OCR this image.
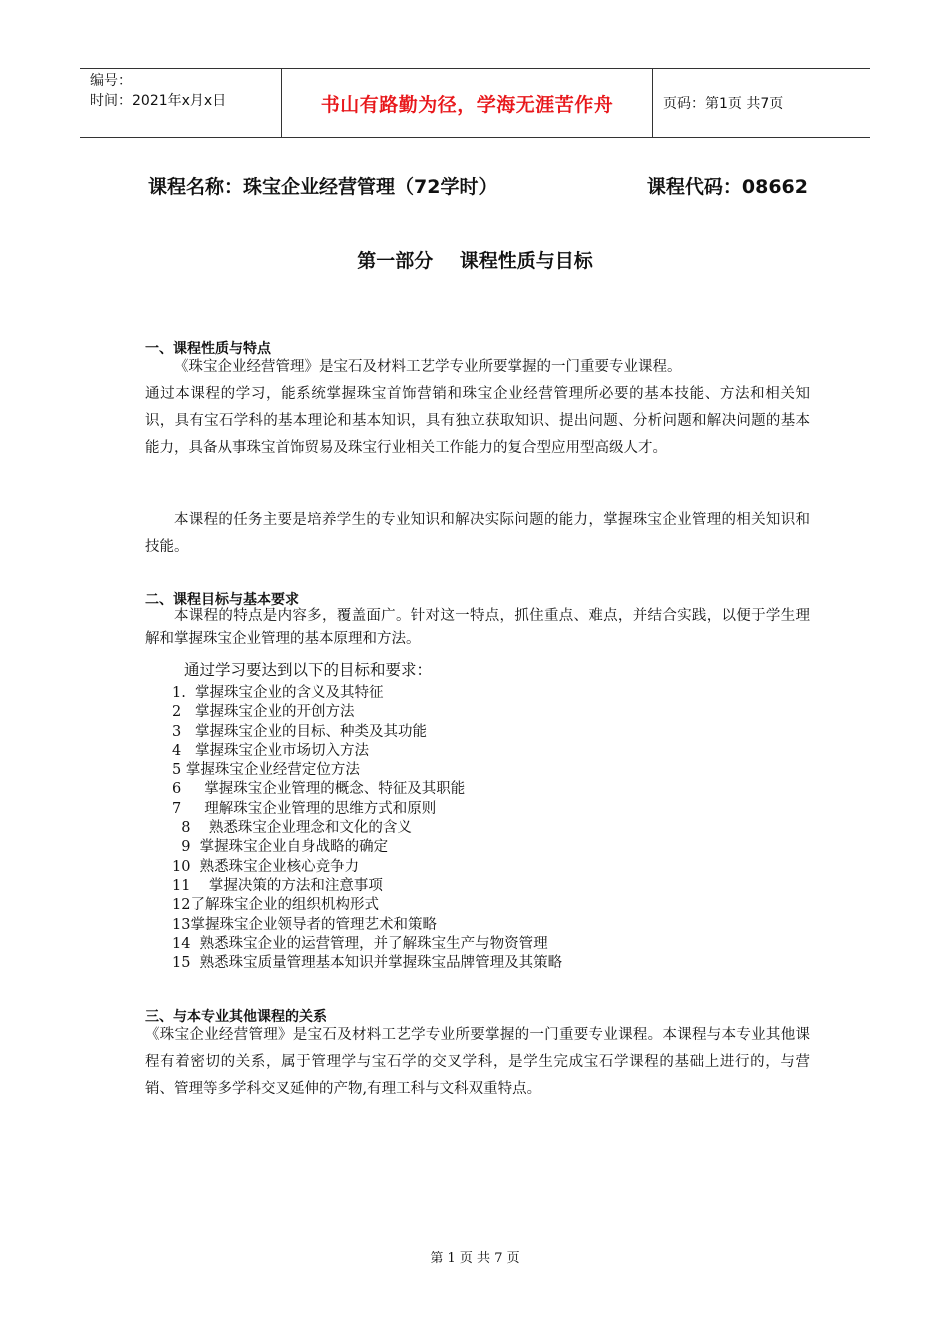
编号：
时间：2021年x月x日	书山有路勤为径，学海无涯苦作舟	页码：第1页 共7页
课程名称：珠宝企业经营管理（72学时）	课程代码：08662
第一部分    课程性质与目标
一、课程性质与特点
《珠宝企业经营管理》是宝石及材料工艺学专业所要掌握的一门重要专业课程。
通过本课程的学习，能系统掌握珠宝首饰营销和珠宝企业经营管理所必要的基本技能、方法和相关知识，具有宝石学科的基本理论和基本知识，具有独立获取知识、提出问题、分析问题和解决问题的基本能力，具备从事珠宝首饰贸易及珠宝行业相关工作能力的复合型应用型高级人才。
本课程的任务主要是培养学生的专业知识和解决实际问题的能力，掌握珠宝企业管理的相关知识和技能。
二、课程目标与基本要求
本课程的特点是内容多，覆盖面广。针对这一特点，抓住重点、难点，并结合实践，以便于学生理解和掌握珠宝企业管理的基本原理和方法。
通过学习要达到以下的目标和要求：
1.  掌握珠宝企业的含义及其特征
2   掌握珠宝企业的开创方法
3   掌握珠宝企业的目标、种类及其功能
4   掌握珠宝企业市场切入方法
5 掌握珠宝企业经营定位方法
6     掌握珠宝企业管理的概念、特征及其职能
7     理解珠宝企业管理的思维方式和原则
8    熟悉珠宝企业理念和文化的含义
9  掌握珠宝企业自身战略的确定
10  熟悉珠宝企业核心竞争力
11    掌握决策的方法和注意事项
12了解珠宝企业的组织机构形式
13掌握珠宝企业领导者的管理艺术和策略
14  熟悉珠宝企业的运营管理，并了解珠宝生产与物资管理
15  熟悉珠宝质量管理基本知识并掌握珠宝品牌管理及其策略
三、与本专业其他课程的关系
《珠宝企业经营管理》是宝石及材料工艺学专业所要掌握的一门重要专业课程。本课程与本专业其他课程有着密切的关系，属于管理学与宝石学的交叉学科，是学生完成宝石学课程的基础上进行的，与营销、管理等多学科交叉延伸的产物,有理工科与文科双重特点。
第 1 页 共 7 页
